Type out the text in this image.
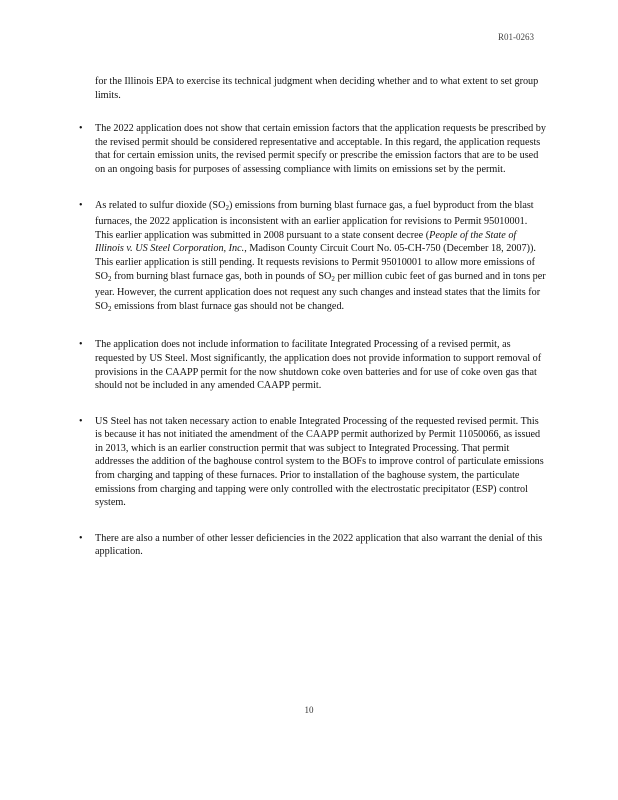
R01-0263

for the Illinois EPA to exercise its technical judgment when deciding whether and to what extent to set group limits.

• The 2022 application does not show that certain emission factors that the application requests be prescribed by the revised permit should be considered representative and acceptable. In this regard, the application requests that for certain emission units, the revised permit specify or prescribe the emission factors that are to be used on an ongoing basis for purposes of assessing compliance with limits on emissions set by the permit.
• As related to sulfur dioxide $(SO_2)$ emissions from burning blast furnace gas, a fuel byproduct from the blast furnaces, the 2022 application is inconsistent with an earlier application for revisions to Permit 95010001. This earlier application was submitted in 2008 pursuant to a state consent decree (People of the State of Illinois v. US Steel Corporation, Inc., Madison County Circuit Court No. 05-CH-750 (December 18, 2007)). This earlier application is still pending. It requests revisions to Permit 95010001 to allow more emissions of $SO_2$ from burning blast furnace gas, both in pounds of $SO_2$ per million cubic feet of gas burned and in tons per year. However, the current application does not request any such changes and instead states that the limits for $SO_2$ emissions from blast furnace gas should not be changed.
• The application does not include information to facilitate Integrated Processing of a revised permit, as requested by US Steel. Most significantly, the application does not provide information to support removal of provisions in the CAAPP permit for the now shutdown coke oven batteries and for use of coke oven gas that should not be included in any amended CAAPP permit.
• US Steel has not taken necessary action to enable Integrated Processing of the requested revised permit. This is because it has not initiated the amendment of the CAAPP permit authorized by Permit 11050066, as issued in 2013, which is an earlier construction permit that was subject to Integrated Processing. That permit addresses the addition of the baghouse control system to the BOFs to improve control of particulate emissions from charging and tapping of these furnaces. Prior to installation of the baghouse system, the particulate emissions from charging and tapping were only controlled with the electrostatic precipitator (ESP) control system.
• There are also a number of other lesser deficiencies in the 2022 application that also warrant the denial of this application.
10
